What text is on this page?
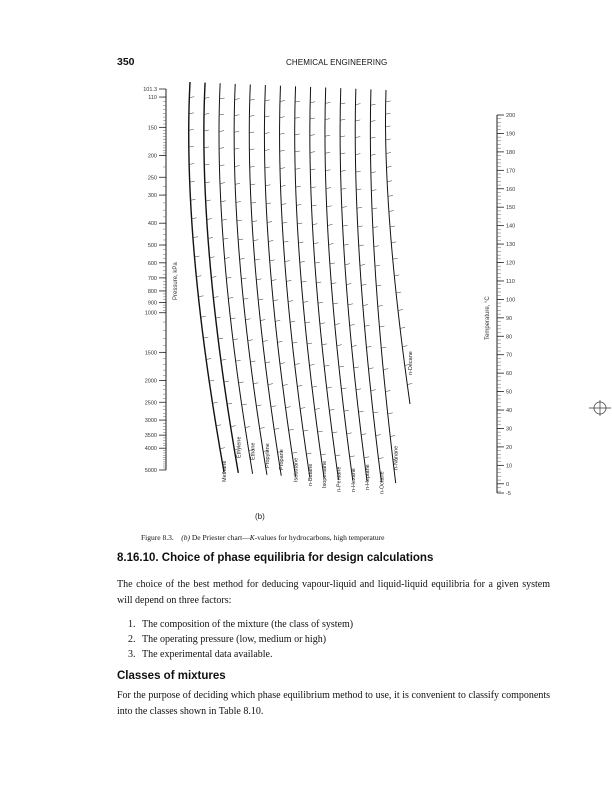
350	CHEMICAL ENGINEERING
101.3
110
150
200
250
300
400
500
600
700
800
900
1000
1500
2000
2500
3000
3500
4000
5000
200
190
180
170
160
150
140
130
120
110
100
90
80
70
60
50
40
30
20
10
0
-5
Methane
Ethylene Ethane Propylene Propane Isobutane n-Butane Isopentane n-Pentane n-Hexane n-Heptane n-Octane
n-Nonane
n-Decane
Pressure, kPa
Temperature, °C
(b)
Figure 8.3. (b) De Priester chart—K-values for hydrocarbons, high temperature
8.16.10. Choice of phase equilibria for design calculations
The choice of the best method for deducing vapour-liquid and liquid-liquid equilibria for a given system will depend on three factors:
1. The composition of the mixture (the class of system)
2. The operating pressure (low, medium or high)
3. The experimental data available.
Classes of mixtures
For the purpose of deciding which phase equilibrium method to use, it is convenient to classify components into the classes shown in Table 8.10.
